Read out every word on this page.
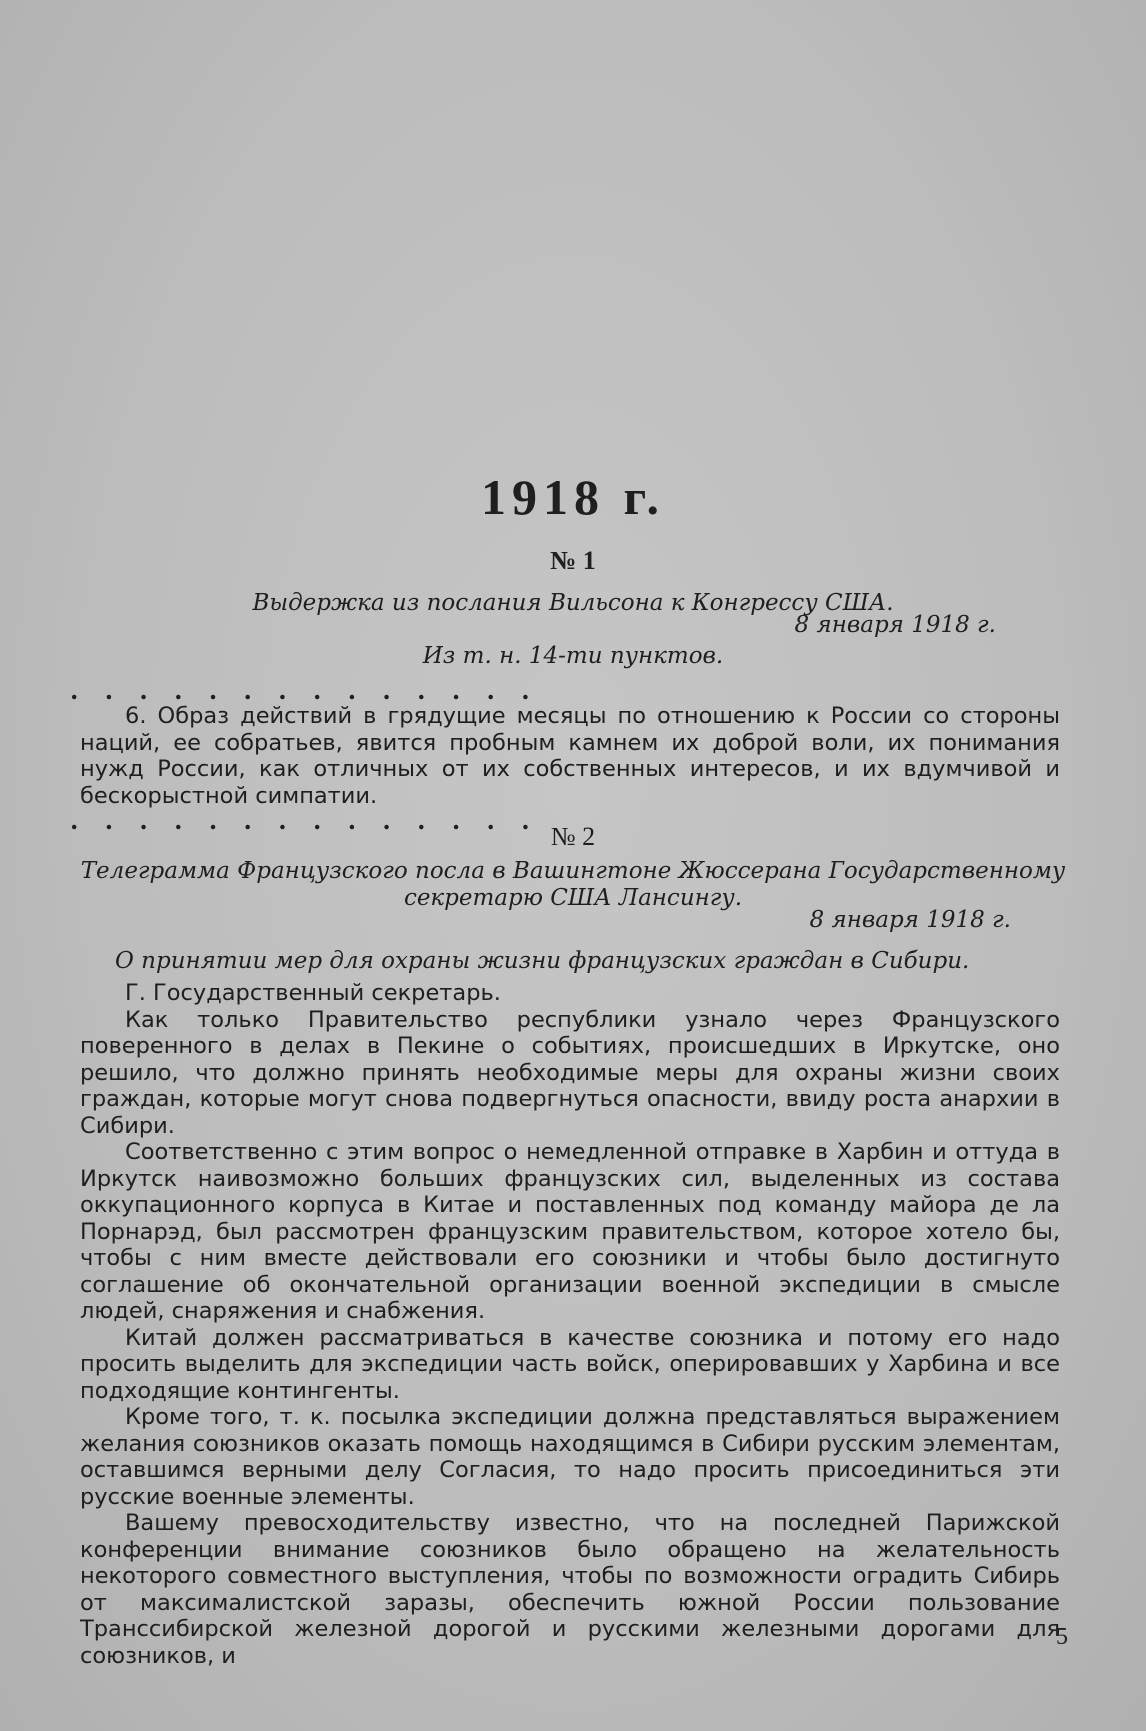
1918 г.
№ 1
Выдержка из послания Вильсона к Конгрессу США.
8 января 1918 г.
Из т. н. 14-ти пунктов.
. . . . . . . . . . . . . .

6. Образ действий в грядущие месяцы по отношению к России со стороны наций, ее собратьев, явится пробным камнем их доброй воли, их понимания нужд России, как отличных от их собственных интересов, и их вдумчивой и бескорыстной симпатии.

. . . . . . . . . . . . . .
№ 2
Телеграмма Французского посла в Вашингтоне Жюссерана Государственному секретарю США Лансингу.
8 января 1918 г.
О принятии мер для охраны жизни французских граждан в Сибири.

Г. Государственный секретарь.

Как только Правительство республики узнало через Французского поверенного в делах в Пекине о событиях, происшедших в Иркутске, оно решило, что должно принять необходимые меры для охраны жизни своих граждан, которые могут снова подвергнуться опасности, ввиду роста анархии в Сибири.

Соответственно с этим вопрос о немедленной отправке в Харбин и оттуда в Иркутск наивозможно больших французских сил, выделенных из состава оккупационного корпуса в Китае и поставленных под команду майора де ла Порнарэд, был рассмотрен французским правительством, которое хотело бы, чтобы с ним вместе действовали его союзники и чтобы было достигнуто соглашение об окончательной организации военной экспедиции в смысле людей, снаряжения и снабжения.

Китай должен рассматриваться в качестве союзника и потому его надо просить выделить для экспедиции часть войск, оперировавших у Харбина и все подходящие контингенты.

Кроме того, т. к. посылка экспедиции должна представляться выражением желания союзников оказать помощь находящимся в Сибири русским элементам, оставшимся верными делу Согласия, то надо просить присоединиться эти русские военные элементы.

Вашему превосходительству известно, что на последней Парижской конференции внимание союзников было обращено на желательность некоторого совместного выступления, чтобы по возможности оградить Сибирь от максималистской заразы, обеспечить южной России пользование Транссибирской железной дорогой и русскими железными дорогами для союзников, и

5
